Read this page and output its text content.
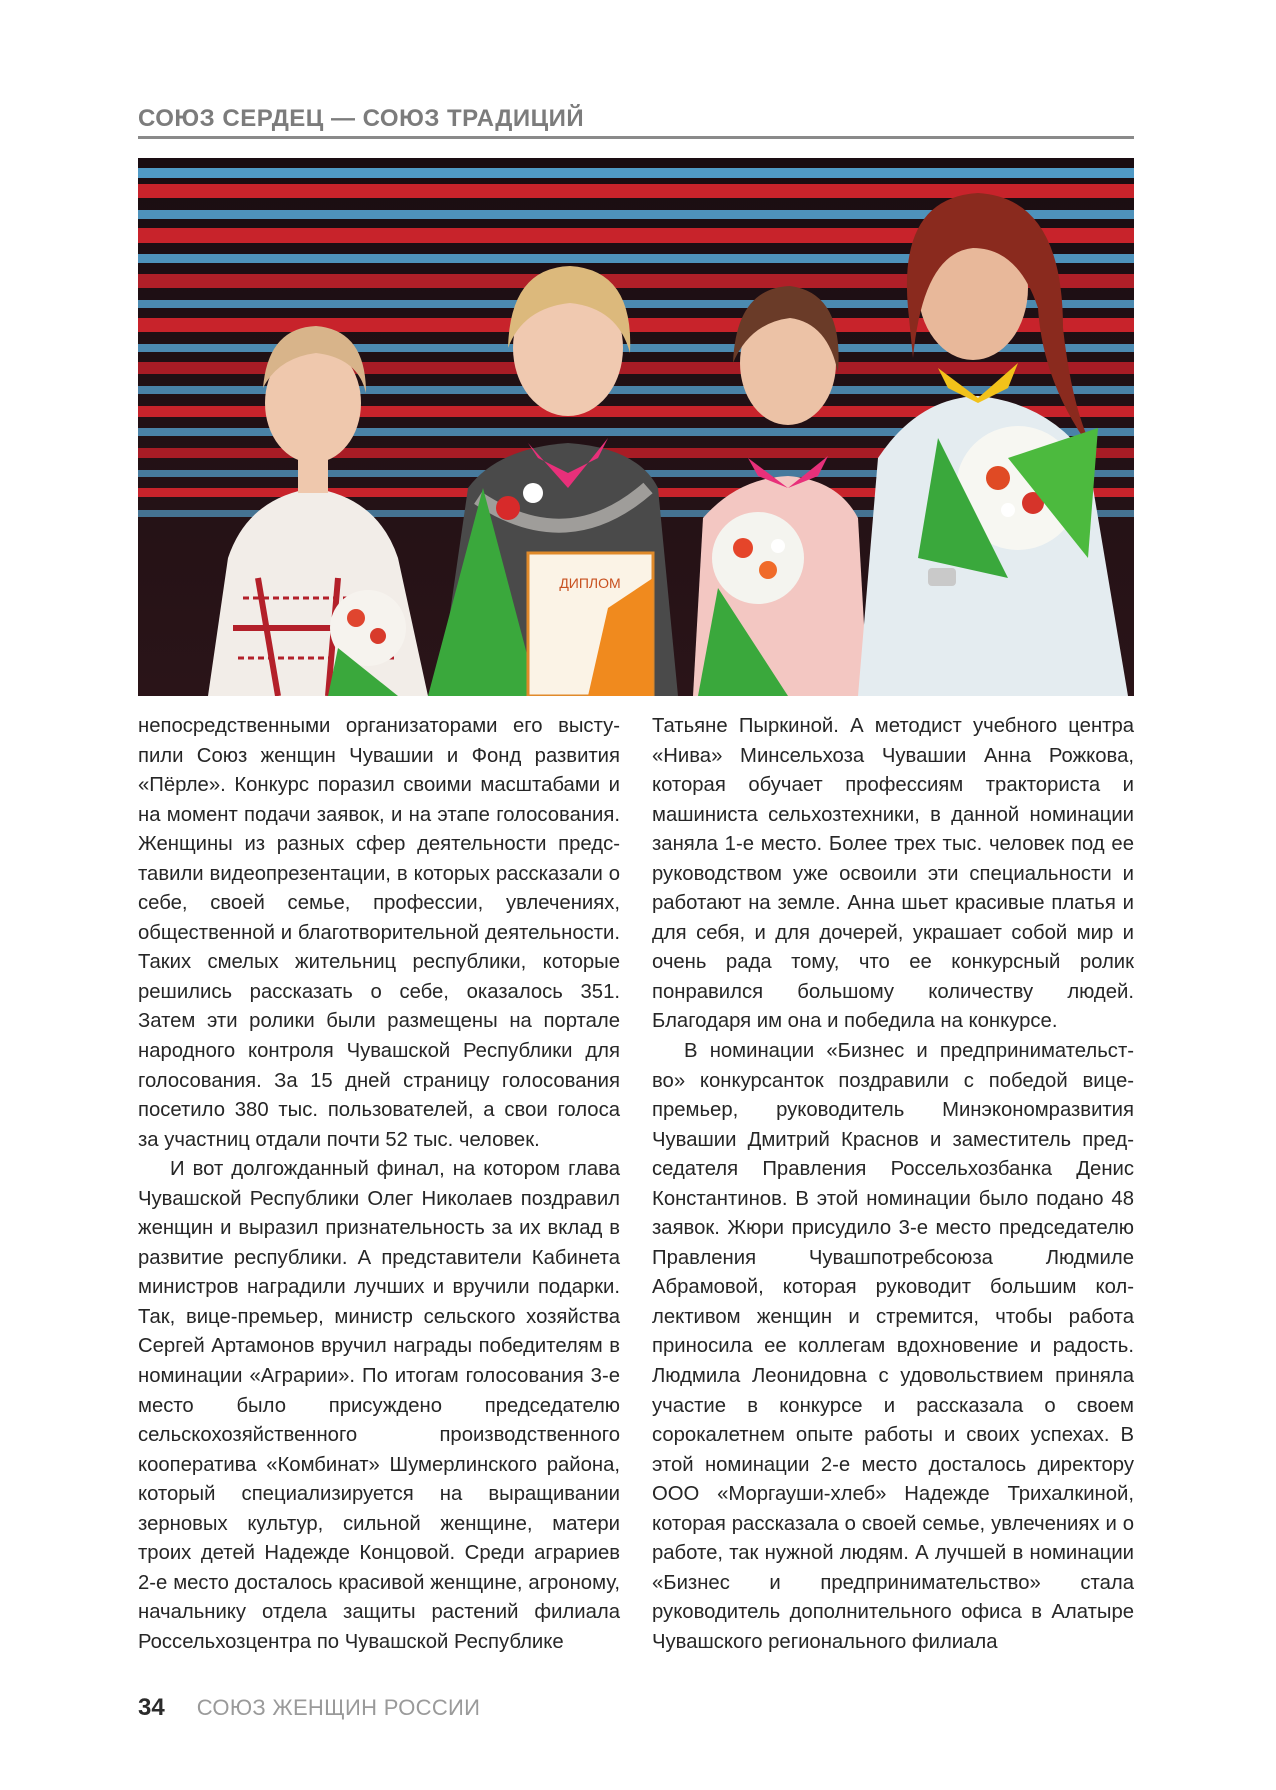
СОЮЗ СЕРДЕЦ — СОЮЗ ТРАДИЦИЙ
ДИПЛОМ

непосредственными организаторами его выступили Союз женщин Чувашии и Фонд развития «Пёрле». Конкурс поразил своими масштабами и на момент подачи заявок, и на этапе голосования. Женщины из разных сфер деятельности представили видеопрезентации, в которых рассказали о себе, своей семье, профессии, увлечениях, общественной и благотворительной деятельности. Таких смелых жительниц республики, которые решились рассказать о себе, оказалось 351. Затем эти ролики были размещены на портале народного контроля Чувашской Республики для голосования. За 15 дней страницу голосования посетило 380 тыс. пользователей, а свои голоса за участниц отдали почти 52 тыс. человек.

И вот долгожданный финал, на котором глава Чувашской Республики Олег Николаев поздравил женщин и выразил признательность за их вклад в развитие республики. А представители Кабинета министров наградили лучших и вручили подарки. Так, вице-премьер, министр сельского хозяйства Сергей Артамонов вручил награды победителям в номинации «Аграрии». По итогам голосования 3-е место было присуждено председателю сельскохозяйственного производственного кооператива «Комбинат» Шумерлинского района, который специализируется на выращивании зерновых культур, сильной женщине, матери троих детей Надежде Концовой. Среди аграриев 2-е место досталось красивой женщине, агроному, начальнику отдела защиты растений филиала Россельхозцентра по Чувашской Республике

Татьяне Пыркиной. А методист учебного центра «Нива» Минсельхоза Чувашии Анна Рожкова, которая обучает профессиям тракториста и машиниста сельхозтехники, в данной номинации заняла 1-е место. Более трех тыс. человек под ее руководством уже освоили эти специальности и работают на земле. Анна шьет красивые платья и для себя, и для дочерей, украшает собой мир и очень рада тому, что ее конкурсный ролик понравился большому количеству людей. Благодаря им она и победила на конкурсе.

В номинации «Бизнес и предпринимательство» конкурсанток поздравили с победой вице-премьер, руководитель Минэкономразвития Чувашии Дмитрий Краснов и заместитель председателя Правления Россельхозбанка Денис Константинов. В этой номинации было подано 48 заявок. Жюри присудило 3-е место председателю Правления Чувашпотребсоюза Людмиле Абрамовой, которая руководит большим коллективом женщин и стремится, чтобы работа приносила ее коллегам вдохновение и радость. Людмила Леонидовна с удовольствием приняла участие в конкурсе и рассказала о своем сорокалетнем опыте работы и своих успехах. В этой номинации 2-е место досталось директору ООО «Моргауши-хлеб» Надежде Трихалкиной, которая рассказала о своей семье, увлечениях и о работе, так нужной людям. А лучшей в номинации «Бизнес и предпринимательство» стала руководитель дополнительного офиса в Алатыре Чувашского регионального филиала

34 СОЮЗ ЖЕНЩИН РОССИИ
